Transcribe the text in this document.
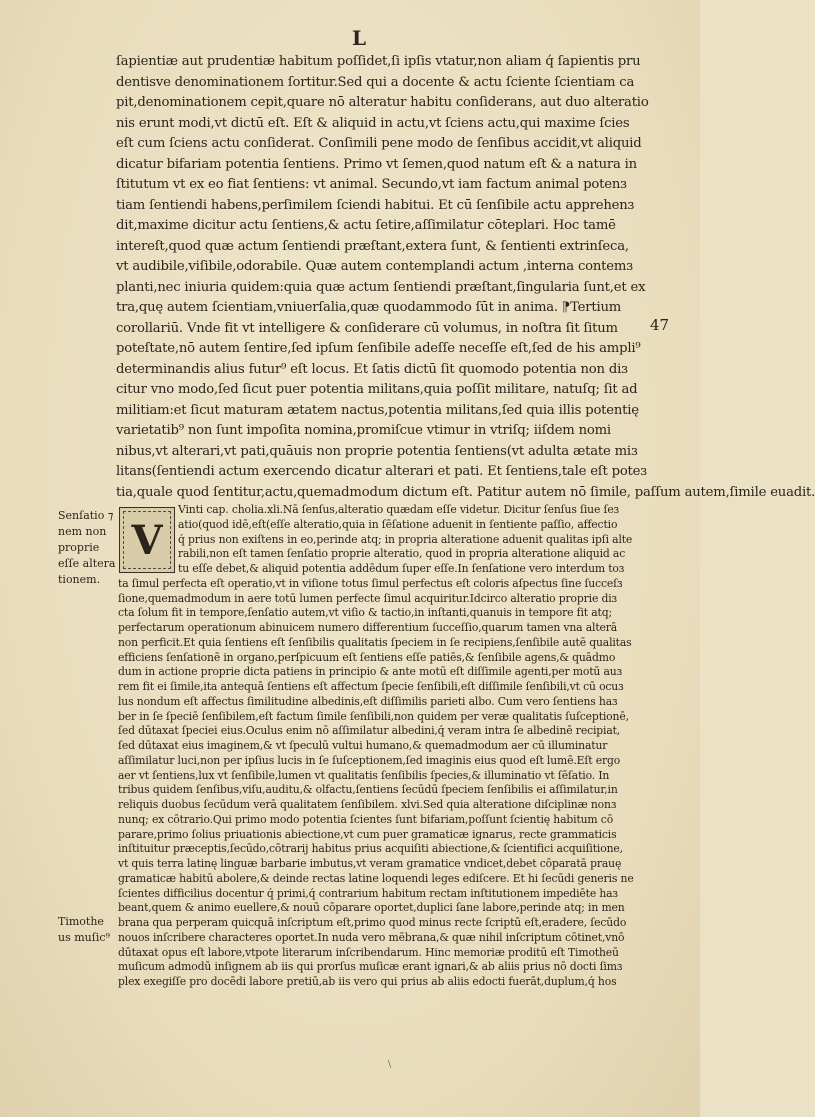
L
ſapientiæ aut prudentiæ habitum poſſidet,ſi ipſis vtatur,non aliam q́ ſapientis pru
dentisve denominationem ſortitur.Sed qui a docente & actu ſciente ſcientiam ca
pit,denominationem cepit,quare nō alteratur habitu conſiderans, aut duo alteratio
nis erunt modi,vt dictū eſt. Eſt & aliquid in actu,vt ſciens actu,qui maxime ſcies
eſt cum ſciens actu conſiderat. Conſimili pene modo de ſenſibus accidit,vt aliquid
dicatur bifariam potentia ſentiens. Primo vt ſemen,quod natum eſt & a natura in
ſtitutum vt ex eo fiat ſentiens: vt animal. Secundo,vt iam factum animal potenɜ
tiam ſentiendi habens,perſimilem ſciendi habitui. Et cū ſenſibile actu apprehenɜ
dit,maxime dicitur actu ſentiens,& actu ſetire,aſſimilatur cōteplari. Hoc tamē
intereſt,quod quæ actum ſentiendi præſtant,extera ſunt, & ſentienti extrinſeca,
vt audibile,viſibile,odorabile. Quæ autem contemplandi actum ,interna contemɜ
planti,nec iniuria quidem:quia quæ actum ſentiendi præſtant,ſingularia ſunt,et ex
tra,quę autem ſcientiam,vniuerſalia,quæ quodammodo ſūt in anima. ⁋Tertium
corollariū. Vnde fit vt intelligere & conſiderare cū volumus, in noſtra ſit ſitum
poteſtate,nō autem ſentire,ſed ipſum ſenſibile adeſſe neceſſe eſt,ſed de his ampli⁹
determinandis alius futur⁹ eſt locus. Et ſatis dictū ſit quomodo potentia non diɜ
citur vno modo,ſed ſicut puer potentia militans,quia poſſit militare, natuſq; ſit ad
militiam:et ſicut maturam ætatem nactus,potentia militans,ſed quia illis potentię
varietatib⁹ non ſunt impoſita nomina,promiſcue vtimur in vtriſq; iiſdem nomi
nibus,vt alterari,vt pati,quāuis non proprie potentia ſentiens(vt adulta ætate miɜ
litans(ſentiendi actum exercendo dicatur alterari et pati. Et ſentiens,tale eſt poteɜ
tia,quale quod ſentitur,actu,quemadmodum dictum eſt. Patitur autem nō ſimile, paſſum autem,ſimile euadit.
47
Senſatio ⁊
nem non
proprie
eſſe altera
tionem.
Timothe
us muſic⁹
V
Vinti cap. cholia.xli.Nā ſenſus,alteratio quædam eſſe videtur. Dicitur ſenſus ſiue ſeɜ
atio(quod idē,eſt(eſſe alteratio,quia in ſēſatione aduenit in ſentiente paſſio, affectio
q́ prius non exiſtens in eo,perinde atq; in propria alteratione aduenit qualitas ipſi alte
rabili,non eſt tamen ſenſatio proprie alteratio, quod in propria alteratione aliquid ac
tu eſſe debet,& aliquid potentia addēdum ſuper eſſe.In ſenſatione vero interdum toɜ
ta ſimul perfecta eſt operatio,vt in viſione totus ſimul perfectus eſt coloris aſpectus ſine ſucceſɜ
ſione,quemadmodum in aere totū lumen perfecte ſimul acquiritur.Idcirco alteratio proprie diɜ
cta ſolum fit in tempore,ſenſatio autem,vt viſio & tactio,in inſtanti,quanuis in tempore fit atq;
perfectarum operationum abinuicem numero differentium ſucceſſio,quarum tamen vna alterā
non perficit.Et quia ſentiens eſt ſenſibilis qualitatis ſpeciem in ſe recipiens,ſenſibile autē qualitas
efficiens ſenſationē in organo,perſpicuum eſt ſentiens eſſe patiēs,& ſenſibile agens,& quādmo
dum in actione proprie dicta patiens in principio & ante motū eſt diſſimile agenti,per motū auɜ
rem fit ei ſimile,ita antequā ſentiens eſt affectum ſpecie ſenſibili,eſt diſſimile ſenſibili,vt cū ocuɜ
lus nondum eſt affectus ſimilitudine albedinis,eſt diſſimilis parieti albo. Cum vero ſentiens haɜ
ber in ſe ſpeciē ſenſibilem,eſt factum ſimile ſenſibili,non quidem per veræ qualitatis ſuſceptionē,
ſed dūtaxat ſpeciei eius.Oculus enim nō aſſimilatur albedini,q́ veram intra ſe albedinē recipiat,
ſed dūtaxat eius imaginem,& vt ſpeculū vultui humano,& quemadmodum aer cū illuminatur
aſſimilatur luci,non per ipſius lucis in ſe ſuſceptionem,ſed imaginis eius quod eſt lumē.Eſt ergo
aer vt ſentiens,lux vt ſenſibile,lumen vt qualitatis ſenſibilis ſpecies,& illuminatio vt ſēſatio. In
tribus quidem ſenſibus,viſu,auditu,& olfactu,ſentiens ſecūdū ſpeciem ſenſibilis ei aſſimilatur,in
reliquis duobus ſecūdum verā qualitatem ſenſibilem. xlvi.Sed quia alteratione diſciplinæ nonɜ
nunq; ex cōtrario.Qui primo modo potentia ſcientes ſunt bifariam,poſſunt ſcientię habitum cō
parare,primo ſolius priuationis abiectione,vt cum puer gramaticæ ignarus, recte grammaticis
inſtituitur præceptis,ſecūdo,cōtrarij habitus prius acquiſiti abiectione,& ſcientifici acquiſitione,
vt quis terra latinę linguæ barbarie imbutus,vt veram gramatice vndicet,debet cōparatā prauę
gramaticæ habitū abolere,& deinde rectas latine loquendi leges ediſcere. Et hi ſecūdi generis ne
ſcientes difficilius docentur q́ primi,q́ contrarium habitum rectam inſtitutionem impediēte haɜ
beant,quem & animo euellere,& nouū cōparare oportet,duplici ſane labore,perinde atq; in men
brana qua perperam quicquā inſcriptum eſt,primo quod minus recte ſcriptū eſt,eradere, ſecūdo
nouos inſcribere characteres oportet.In nuda vero mēbrana,& quæ nihil inſcriptum cōtinet,vnō
dūtaxat opus eſt labore,vtpote literarum inſcribendarum. Hinc memoriæ proditū eſt Timotheū
muſicum admodū inſignem ab iis qui prorſus muſicæ erant ignari,& ab aliis prius nō docti ſimɜ
plex exegiſſe pro docēdi labore pretiū,ab iis vero qui prius ab aliis edocti fuerāt,duplum,q́ hos
\
